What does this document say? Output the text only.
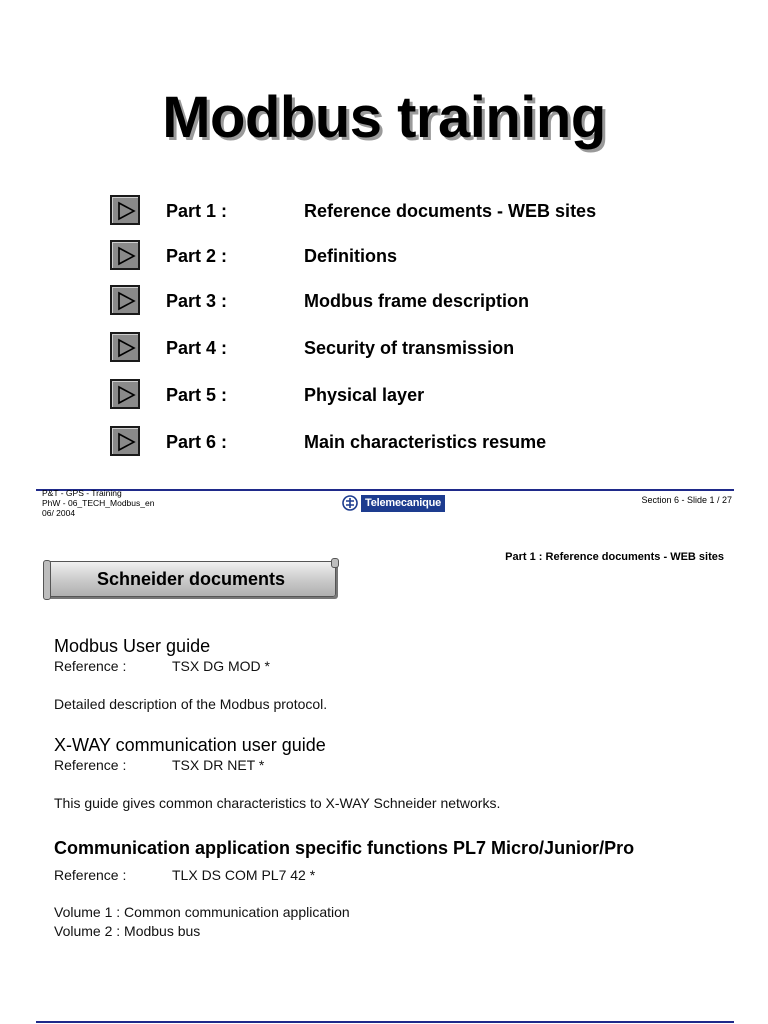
Modbus training
Part 1 :	Reference documents - WEB sites
Part 2 :	Definitions
Part 3 :	Modbus frame description
Part 4 :	Security of transmission
Part 5 :	Physical layer
Part 6 :	Main characteristics resume
P&T - GPS - Training
PhW - 06_TECH_Modbus_en
06/ 2004
Telemecanique	Section 6 - Slide 1 / 27
Part 1 : Reference documents - WEB sites
Schneider documents
Modbus User guide
Reference :	TSX DG MOD *
Detailed description of the Modbus protocol.
X-WAY communication user guide
Reference :	TSX DR NET *
This guide gives common characteristics to X-WAY Schneider networks.
Communication application specific functions PL7 Micro/Junior/Pro
Reference :	TLX DS COM PL7 42 *
Volume 1 : Common communication application
Volume 2 : Modbus bus
